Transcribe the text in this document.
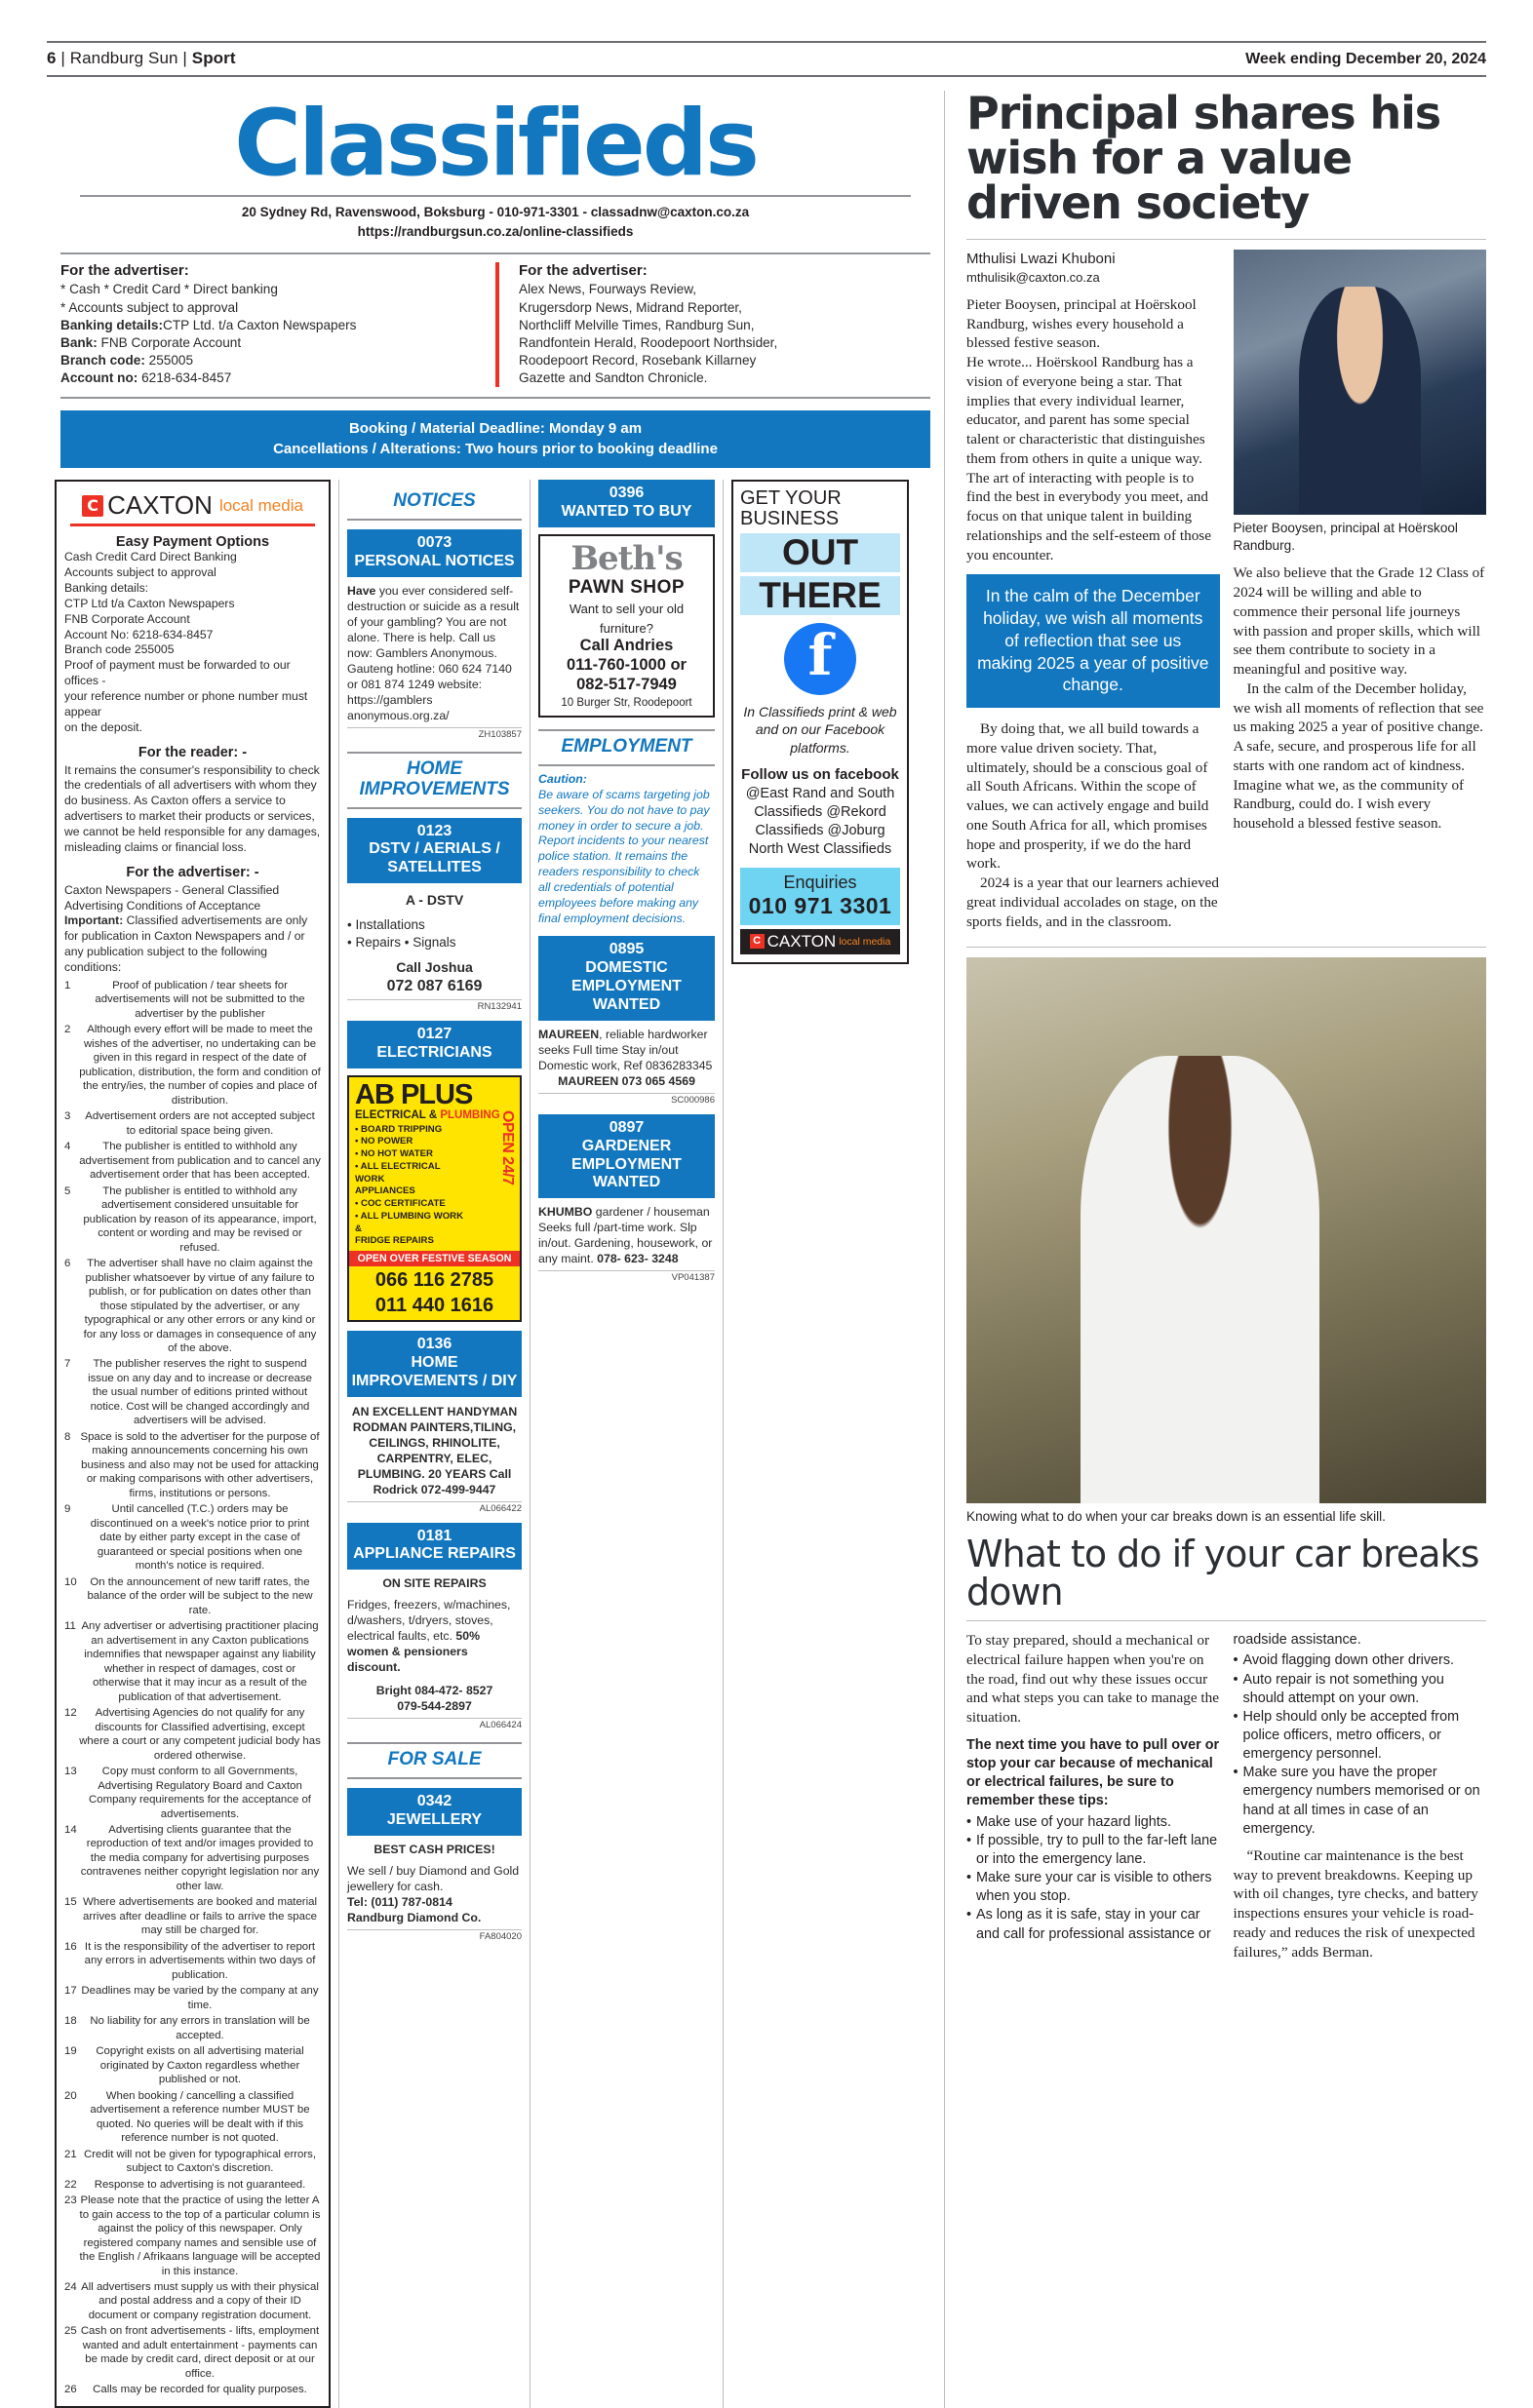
6 | Randburg Sun | Sport	Week ending December 20, 2024
Classifieds
20 Sydney Rd, Ravenswood, Boksburg - 010-971-3301 - classadnw@caxton.co.za
https://randburgsun.co.za/online-classifieds
For the advertiser:

* Cash * Credit Card * Direct banking

* Accounts subject to approval

Banking details:CTP Ltd. t/a Caxton Newspapers

Bank: FNB Corporate Account

Branch code: 255005

Account no: 6218-634-8457

For the advertiser:

Alex News, Fourways Review,

Krugersdorp News, Midrand Reporter,

Northcliff Melville Times, Randburg Sun,

Randfontein Herald, Roodepoort Northsider,

Roodepoort Record, Rosebank Killarney

Gazette and Sandton Chronicle.

Booking / Material Deadline: Monday 9 am
Cancellations / Alterations: Two hours prior to booking deadline
C CAXTON local media
Easy Payment Options
Cash Credit Card Direct Banking
Accounts subject to approval
Banking details:
CTP Ltd t/a Caxton Newspapers
FNB Corporate Account
Account No: 6218-634-8457
Branch code 255005
Proof of payment must be forwarded to our offices -
your reference number or phone number must appear
on the deposit.
For the reader: -
It remains the consumer's responsibility to check the credentials of all advertisers with whom they do business. As Caxton offers a service to advertisers to market their products or services, we cannot be held responsible for any damages, misleading claims or financial loss.
For the advertiser: -
Caxton Newspapers - General Classified Advertising Conditions of Acceptance
Important: Classified advertisements are only for publication in Caxton Newspapers and / or any publication subject to the following conditions:
Proof of publication / tear sheets for advertisements will not be submitted to the advertiser by the publisher
Although every effort will be made to meet the wishes of the advertiser, no undertaking can be given in this regard in respect of the date of publication, distribution, the form and condition of the entry/ies, the number of copies and place of distribution.
Advertisement orders are not accepted subject to editorial space being given.
The publisher is entitled to withhold any advertisement from publication and to cancel any advertisement order that has been accepted.
The publisher is entitled to withhold any advertisement considered unsuitable for publication by reason of its appearance, import, content or wording and may be revised or refused.
The advertiser shall have no claim against the publisher whatsoever by virtue of any failure to publish, or for publication on dates other than those stipulated by the advertiser, or any typographical or any other errors or any kind or for any loss or damages in consequence of any of the above.
The publisher reserves the right to suspend issue on any day and to increase or decrease the usual number of editions printed without notice. Cost will be changed accordingly and advertisers will be advised.
Space is sold to the advertiser for the purpose of making announcements concerning his own business and also may not be used for attacking or making comparisons with other advertisers, firms, institutions or persons.
Until cancelled (T.C.) orders may be discontinued on a week's notice prior to print date by either party except in the case of guaranteed or special positions when one month's notice is required.
On the announcement of new tariff rates, the balance of the order will be subject to the new rate.
Any advertiser or advertising practitioner placing an advertisement in any Caxton publications indemnifies that newspaper against any liability whether in respect of damages, cost or otherwise that it may incur as a result of the publication of that advertisement.
Advertising Agencies do not qualify for any discounts for Classified advertising, except where a court or any competent judicial body has ordered otherwise.
Copy must conform to all Governments, Advertising Regulatory Board and Caxton Company requirements for the acceptance of advertisements.
Advertising clients guarantee that the reproduction of text and/or images provided to the media company for advertising purposes contravenes neither copyright legislation nor any other law.
Where advertisements are booked and material arrives after deadline or fails to arrive the space may still be charged for.
It is the responsibility of the advertiser to report any errors in advertisements within two days of publication.
Deadlines may be varied by the company at any time.
No liability for any errors in translation will be accepted.
Copyright exists on all advertising material originated by Caxton regardless whether published or not.
When booking / cancelling a classified advertisement a reference number MUST be quoted. No queries will be dealt with if this reference number is not quoted.
Credit will not be given for typographical errors, subject to Caxton's discretion.
Response to advertising is not guaranteed.
Please note that the practice of using the letter A to gain access to the top of a particular column is against the policy of this newspaper. Only registered company names and sensible use of the English / Afrikaans language will be accepted in this instance.
All advertisers must supply us with their physical and postal address and a copy of their ID document or company registration document.
Cash on front advertisements - lifts, employment wanted and adult entertainment - payments can be made by credit card, direct deposit or at our office.
Calls may be recorded for quality purposes.
NOTICES
0073
PERSONAL NOTICES
Have you ever considered self-destruction or suicide as a result of your gambling? You are not alone. There is help. Call us now: Gamblers Anonymous. Gauteng hotline: 060 624 7140 or 081 874 1249 website: https://gamblers anonymous.org.za/
ZH103857
HOME IMPROVEMENTS
0123
DSTV / AERIALS / SATELLITES
A - DSTV
• Installations
• Repairs • Signals
Call Joshua
072 087 6169
RN132941
0127
ELECTRICIANS
AB PLUS
ELECTRICAL & PLUMBING
• BOARD TRIPPING
• NO POWER
• NO HOT WATER
• ALL ELECTRICAL WORK
APPLIANCES
• COC CERTIFICATE
• ALL PLUMBING WORK &
FRIDGE REPAIRS
OPEN 24/7
OPEN OVER FESTIVE SEASON
066 116 2785
011 440 1616
0136
HOME IMPROVEMENTS / DIY
AN EXCELLENT HANDYMAN RODMAN PAINTERS,TILING, CEILINGS, RHINOLITE, CARPENTRY, ELEC, PLUMBING. 20 YEARS Call Rodrick 072-499-9447
AL066422
0181
APPLIANCE REPAIRS
ON SITE REPAIRS
Fridges, freezers, w/machines, d/washers, t/dryers, stoves, electrical faults, etc. 50% women & pensioners discount.
Bright 084-472- 8527
079-544-2897
AL066424
FOR SALE
0342
JEWELLERY
BEST CASH PRICES!
We sell / buy Diamond and Gold jewellery for cash.
Tel: (011) 787-0814
Randburg Diamond Co.
FA804020
0396
WANTED TO BUY
Beth's
PAWN SHOP
Want to sell your old
furniture?
Call Andries
011-760-1000 or
082-517-7949
10 Burger Str, Roodepoort
EMPLOYMENT
Caution:
Be aware of scams targeting job seekers. You do not have to pay money in order to secure a job. Report incidents to your nearest police station. It remains the readers responsibility to check all credentials of potential employees before making any final employment decisions.
0895
DOMESTIC EMPLOYMENT WANTED
MAUREEN, reliable hardworker seeks Full time Stay in/out Domestic work, Ref 0836283345
MAUREEN 073 065 4569
SC000986
0897
GARDENER EMPLOYMENT WANTED
KHUMBO gardener / houseman Seeks full /part-time work. Slp in/out. Gardening, housework, or any maint. 078- 623- 3248
VP041387
GET YOUR
BUSINESS
OUT
THERE
f
In Classifieds print & web and on our Facebook platforms.
Follow us on facebook
@East Rand and South Classifieds @Rekord Classifieds @Joburg North West Classifieds
Enquiries
010 971 3301
C CAXTON local media
Principal shares his wish for a value driven society
Mthulisi Lwazi Khuboni
mthulisik@caxton.co.za

Pieter Booysen, principal at Hoërskool Randburg, wishes every household a blessed festive season.

He wrote... Hoërskool Randburg has a vision of everyone being a star. That implies that every individual learner, educator, and parent has some special talent or characteristic that distinguishes them from others in quite a unique way. The art of interacting with people is to find the best in everybody you meet, and focus on that unique talent in building relationships and the self-esteem of those you encounter.

In the calm of the December holiday, we wish all moments of reflection that see us making 2025 a year of positive change.

By doing that, we all build towards a more value driven society. That, ultimately, should be a conscious goal of all South Africans. Within the scope of values, we can actively engage and build one South Africa for all, which promises hope and prosperity, if we do the hard work.

2024 is a year that our learners achieved great individual accolades on stage, on the sports fields, and in the classroom.

Pieter Booysen, principal at Hoërskool Randburg.

We also believe that the Grade 12 Class of 2024 will be willing and able to commence their personal life journeys with passion and proper skills, which will see them contribute to society in a meaningful and positive way.

In the calm of the December holiday, we wish all moments of reflection that see us making 2025 a year of positive change. A safe, secure, and prosperous life for all starts with one random act of kindness. Imagine what we, as the community of Randburg, could do. I wish every household a blessed festive season.

Knowing what to do when your car breaks down is an essential life skill.
What to do if your car breaks down

To stay prepared, should a mechanical or electrical failure happen when you're on the road, find out why these issues occur and what steps you can take to manage the situation.

The next time you have to pull over or stop your car because of mechanical or electrical failures, be sure to remember these tips:

• Make use of your hazard lights.
• If possible, try to pull to the far-left lane or into the emergency lane.
• Make sure your car is visible to others when you stop.
• As long as it is safe, stay in your car and call for professional assistance or

roadside assistance.

• Avoid flagging down other drivers.
• Auto repair is not something you should attempt on your own.
• Help should only be accepted from police officers, metro officers, or emergency personnel.
• Make sure you have the proper emergency numbers memorised or on hand at all times in case of an emergency.

“Routine car maintenance is the best way to prevent breakdowns. Keeping up with oil changes, tyre checks, and battery inspections ensures your vehicle is road-ready and reduces the risk of unexpected failures,” adds Berman.
